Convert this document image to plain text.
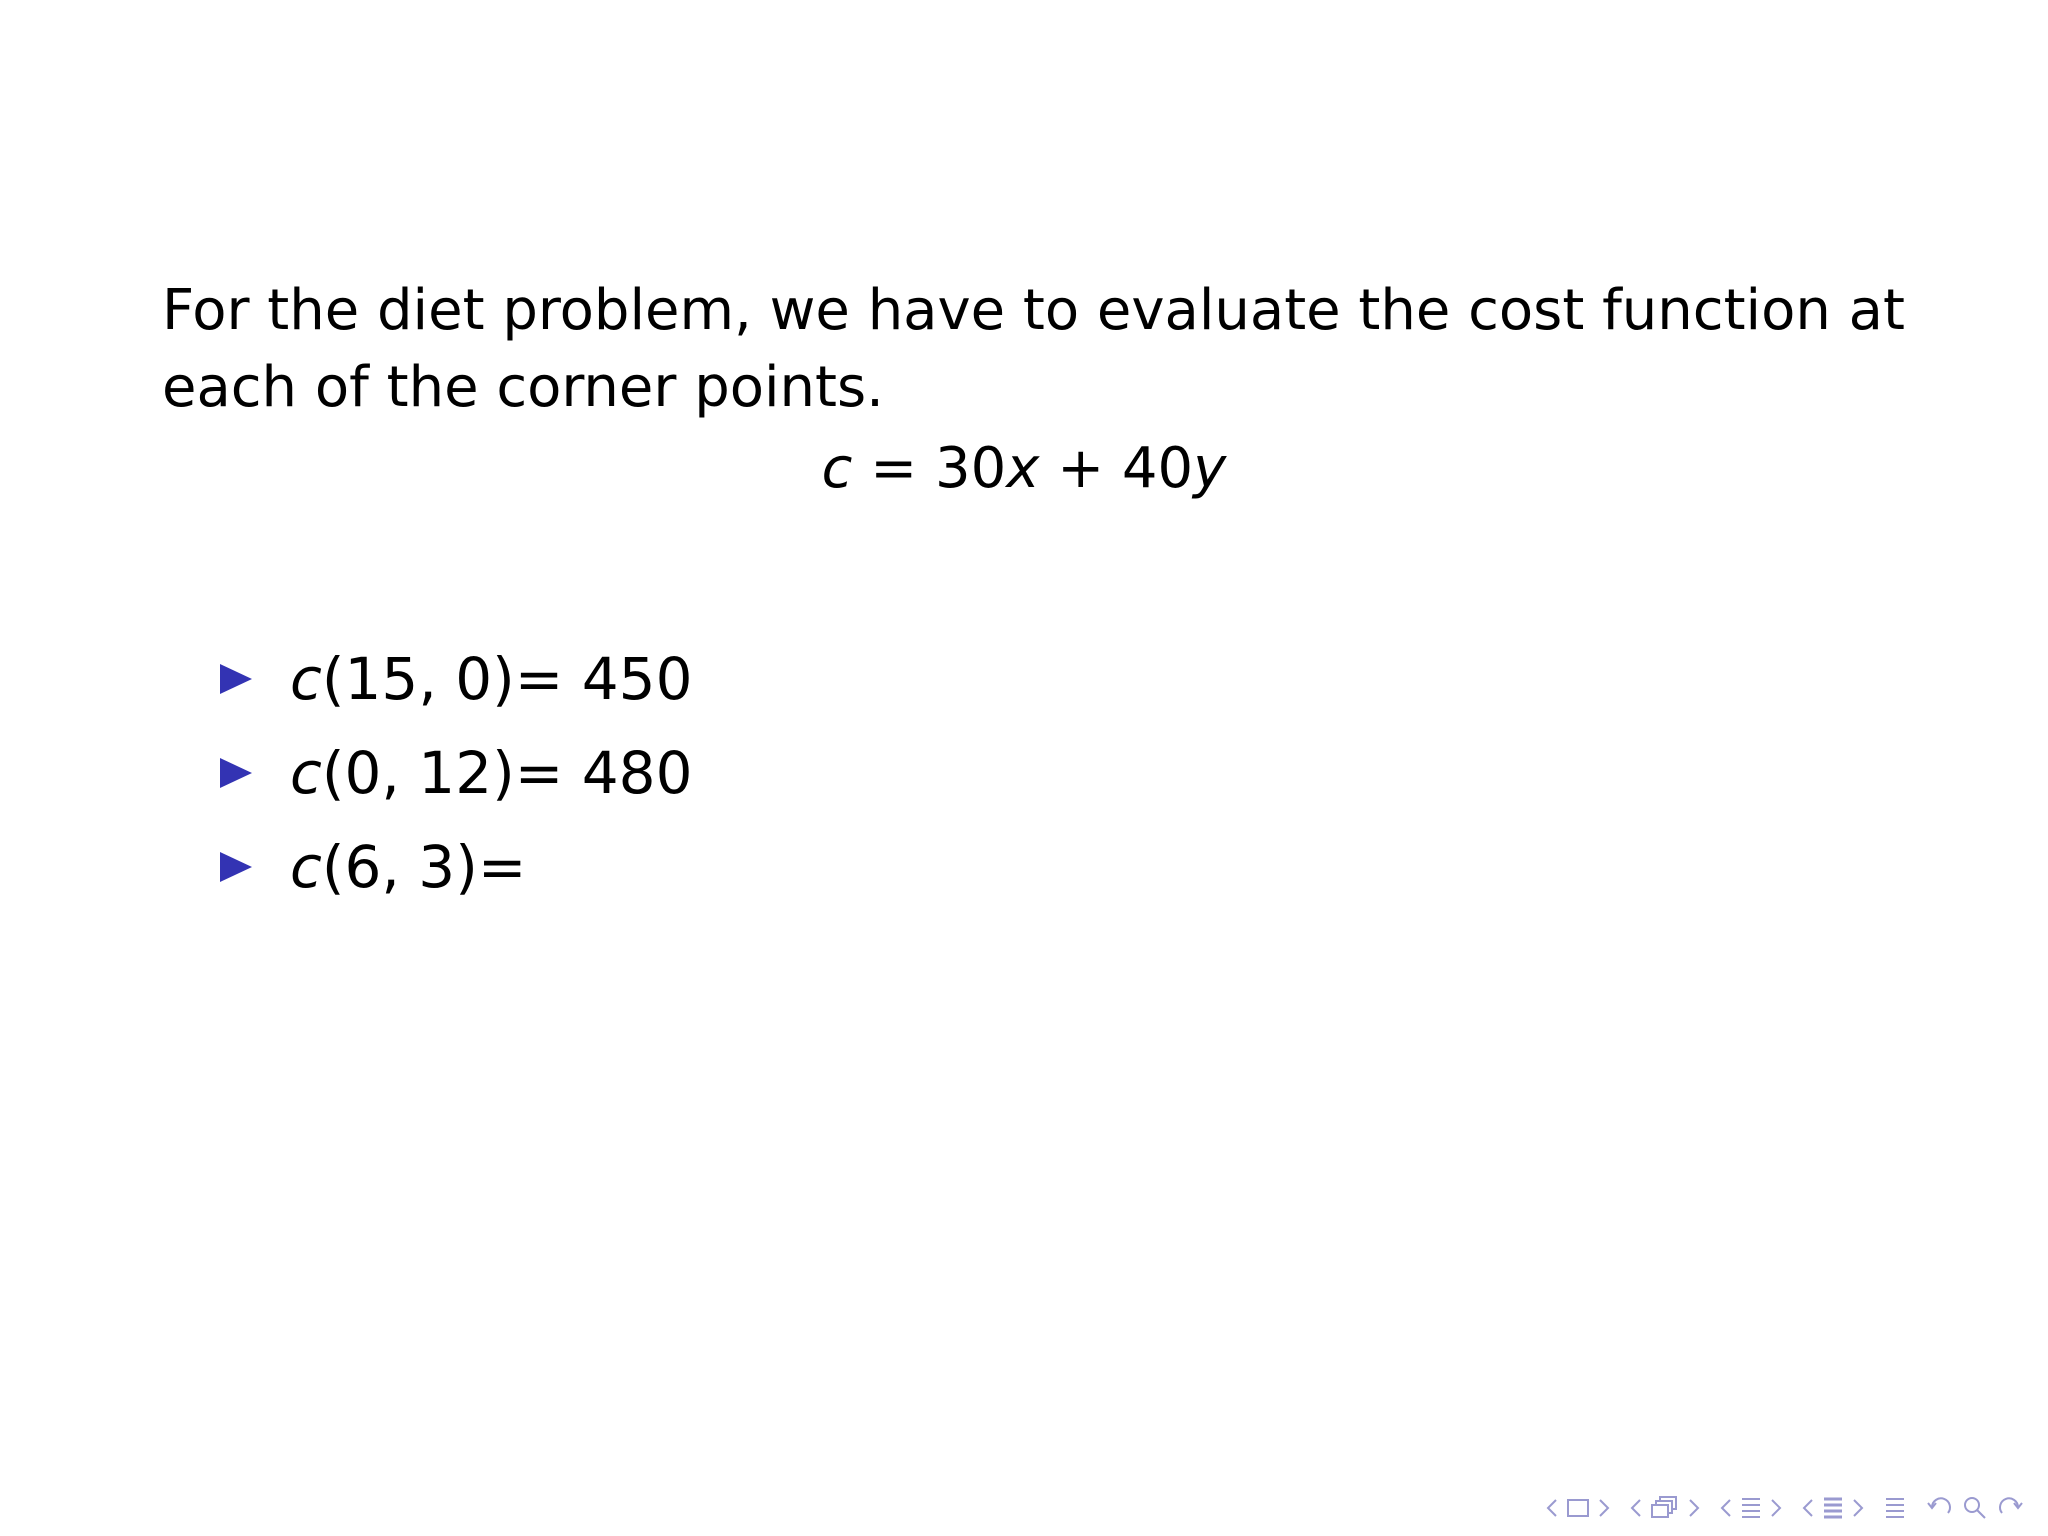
For the diet problem, we have to evaluate the cost function at each of the corner points.
c = 30x + 40y
c (15, 0) = 450
c (0, 12) = 480
c (6, 3) =
